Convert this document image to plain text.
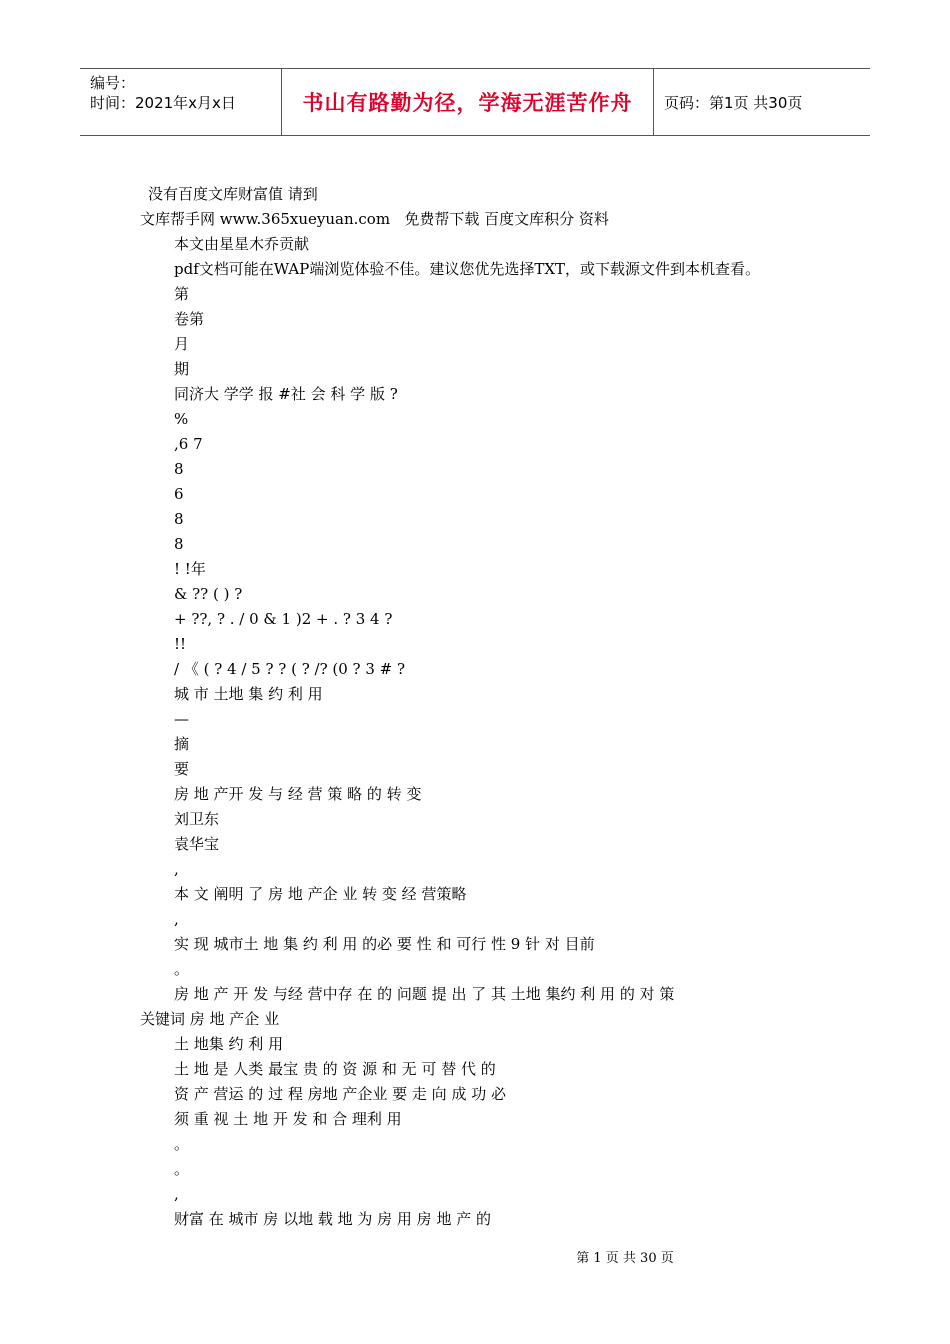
编号：
时间：2021年x月x日	书山有路勤为径，学海无涯苦作舟	页码：第1页 共30页
没有百度文库财富值 请到
文库帮手网 www.365xueyuan.com   免费帮下载 百度文库积分 资料
本文由星星木乔贡献
pdf文档可能在WAP端浏览体验不佳。建议您优先选择TXT，或下载源文件到本机查看。
第
卷第
月
期
同济大 学学 报 #社 会 科 学 版 ?
%
,6 7
8
6
8
8
! !年
& ?? ( ) ?
+ ??, ? . / 0 & 1 )2 + . ? 3 4 ?
!!
/ 《 ( ? 4 / 5 ? ? ( ? /? (0 ? 3 # ?
城 市 土地 集 约 利 用
—
摘
要
房 地 产开 发 与 经 营 策 略 的 转 变
刘卫东
袁华宝
,
本 文 阐明 了 房 地 产企 业 转 变 经 营策略
,
实 现 城市土 地 集 约 利 用 的必 要 性 和 可行 性 9 针 对 目前
。
房 地 产 开 发 与经 营中存 在 的 问题 提 出 了 其 土地 集约 利 用 的 对 策
关键词 房 地 产企 业
土 地集 约 利 用
土 地 是 人类 最宝 贵 的 资 源 和 无 可 替 代 的
资 产 营运 的 过 程 房地 产企业 要 走 向 成 功 必
须 重 视 土 地 开 发 和 合 理利 用
。
。
,
财富 在 城市 房 以地 载 地 为 房 用 房 地 产 的
第 1 页 共 30 页
